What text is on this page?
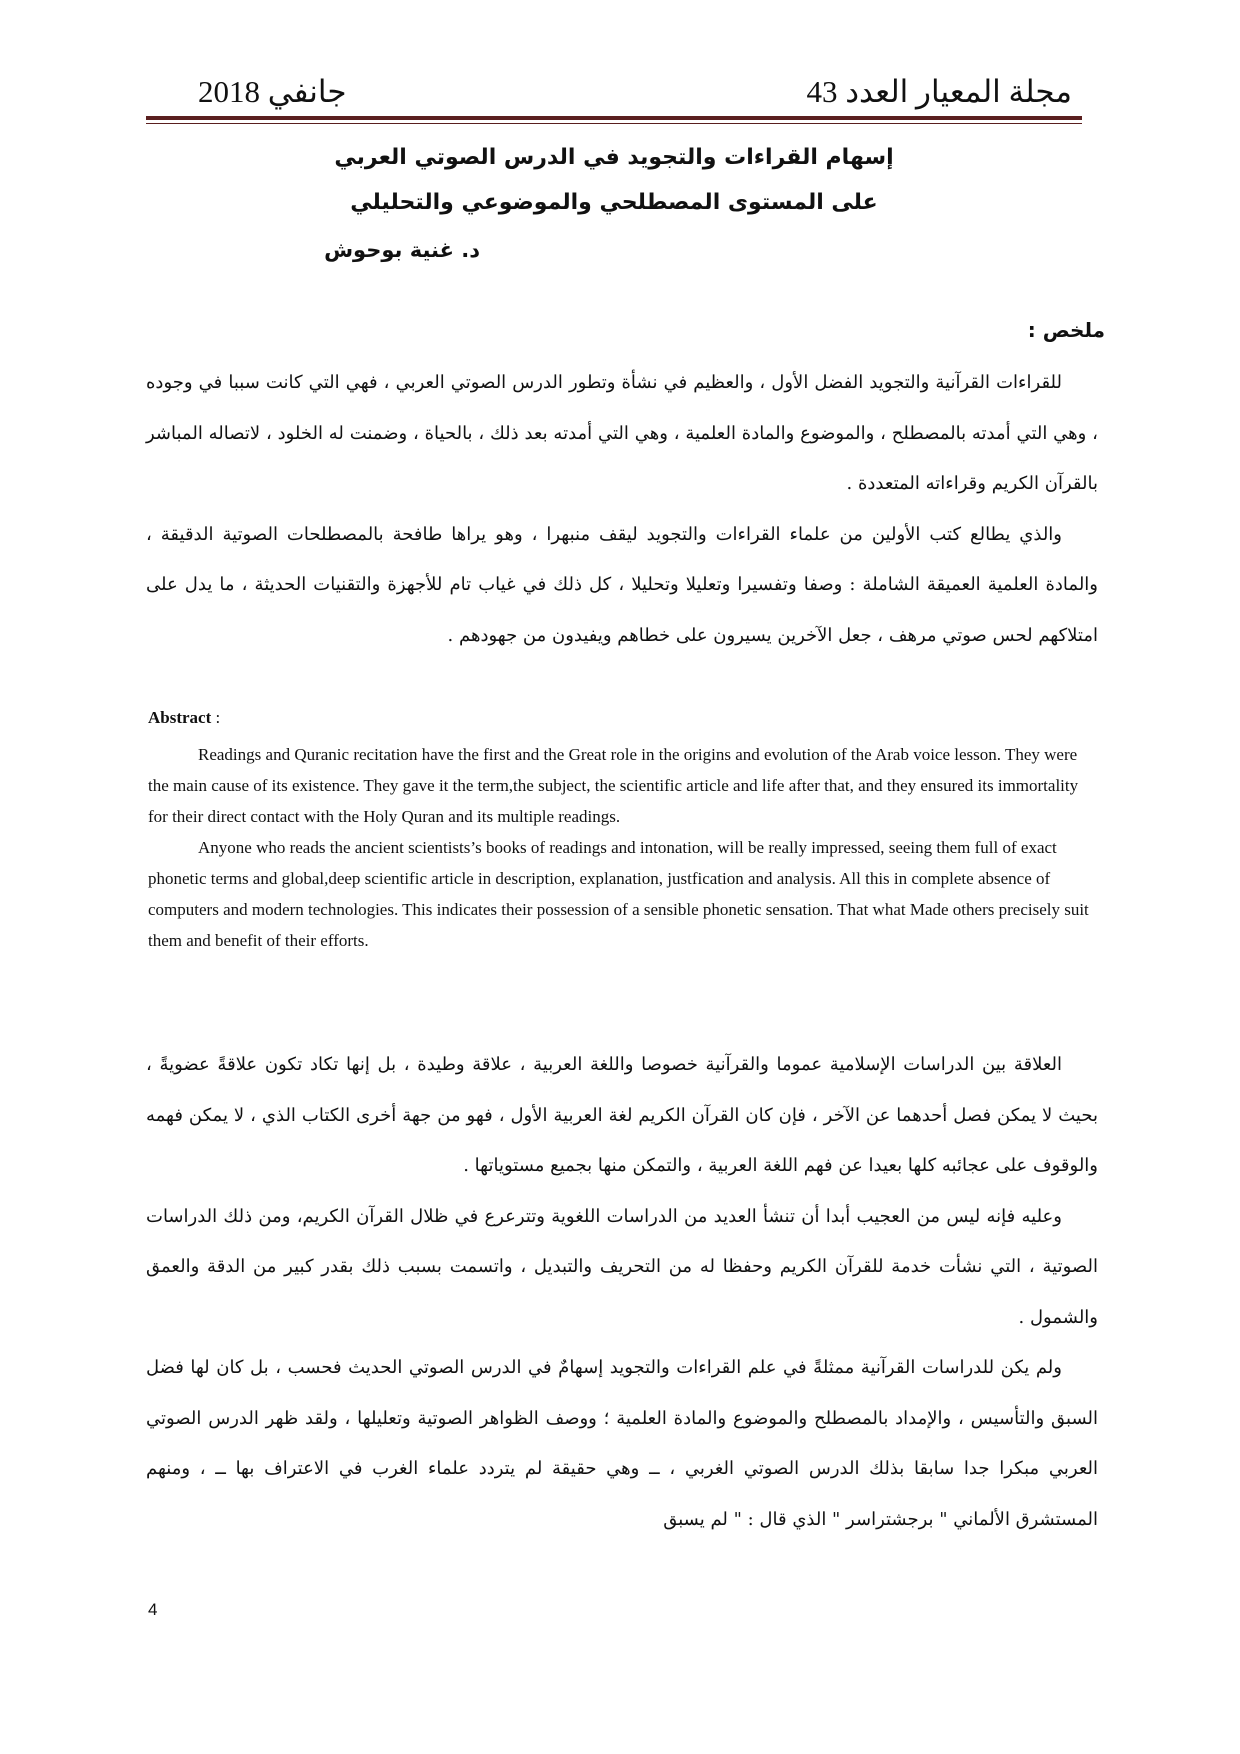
مجلة المعيار العدد 43
جانفي 2018
إسهام القراءات والتجويد في الدرس الصوتي العربي
على المستوى المصطلحي والموضوعي والتحليلي
د. غنية بوحوش
ملخص :

للقراءات القرآنية والتجويد الفضل الأول ، والعظيم في نشأة وتطور الدرس الصوتي العربي ، فهي التي كانت سببا في وجوده ، وهي التي أمدته بالمصطلح ، والموضوع والمادة العلمية ، وهي التي أمدته بعد ذلك ، بالحياة ، وضمنت له الخلود ، لاتصاله المباشر بالقرآن الكريم وقراءاته المتعددة .

والذي يطالع كتب الأولين من علماء القراءات والتجويد ليقف منبهرا ، وهو يراها طافحة بالمصطلحات الصوتية الدقيقة ، والمادة العلمية العميقة الشاملة : وصفا وتفسيرا وتعليلا وتحليلا ، كل ذلك في غياب تام للأجهزة والتقنيات الحديثة ، ما يدل على امتلاكهم لحس صوتي مرهف ، جعل الآخرين يسيرون على خطاهم ويفيدون من جهودهم .

Abstract :

Readings and Quranic recitation have the first and the Great role in the origins and evolution of the Arab voice lesson. They were the main cause of its existence. They gave it the term,the subject, the scientific article and life after that, and they ensured its immortality for their direct contact with the Holy Quran and its multiple readings.

Anyone who reads the ancient scientists’s books of readings and intonation, will be really impressed, seeing them full of exact phonetic terms and global,deep scientific article in description, explanation, justfication and analysis. All this in complete absence of computers and modern technologies. This indicates their possession of a sensible phonetic sensation. That what Made others precisely suit them and benefit of their efforts.

العلاقة بين الدراسات الإسلامية عموما والقرآنية خصوصا واللغة العربية ، علاقة وطيدة ، بل إنها تكاد تكون علاقةً عضويةً ، بحيث لا يمكن فصل أحدهما عن الآخر ، فإن كان القرآن الكريم لغة العربية الأول ، فهو من جهة أخرى الكتاب الذي ، لا يمكن فهمه والوقوف على عجائبه كلها بعيدا عن فهم اللغة العربية ، والتمكن منها بجميع مستوياتها .

وعليه فإنه ليس من العجيب أبدا أن تنشأ العديد من الدراسات اللغوية وتترعرع في ظلال القرآن الكريم، ومن ذلك الدراسات الصوتية ، التي نشأت خدمة للقرآن الكريم وحفظا له من التحريف والتبديل ، واتسمت بسبب ذلك بقدر كبير من الدقة والعمق والشمول .

ولم يكن للدراسات القرآنية ممثلةً في علم القراءات والتجويد إسهامٌ في الدرس الصوتي الحديث فحسب ، بل كان لها فضل السبق والتأسيس ، والإمداد بالمصطلح والموضوع والمادة العلمية ؛ ووصف الظواهر الصوتية وتعليلها ، ولقد ظهر الدرس الصوتي العربي مبكرا جدا سابقا بذلك الدرس الصوتي الغربي ، ــ وهي حقيقة لم يتردد علماء الغرب في الاعتراف بها ــ ، ومنهم المستشرق الألماني " برجشتراسر " الذي قال : " لم يسبق

4
